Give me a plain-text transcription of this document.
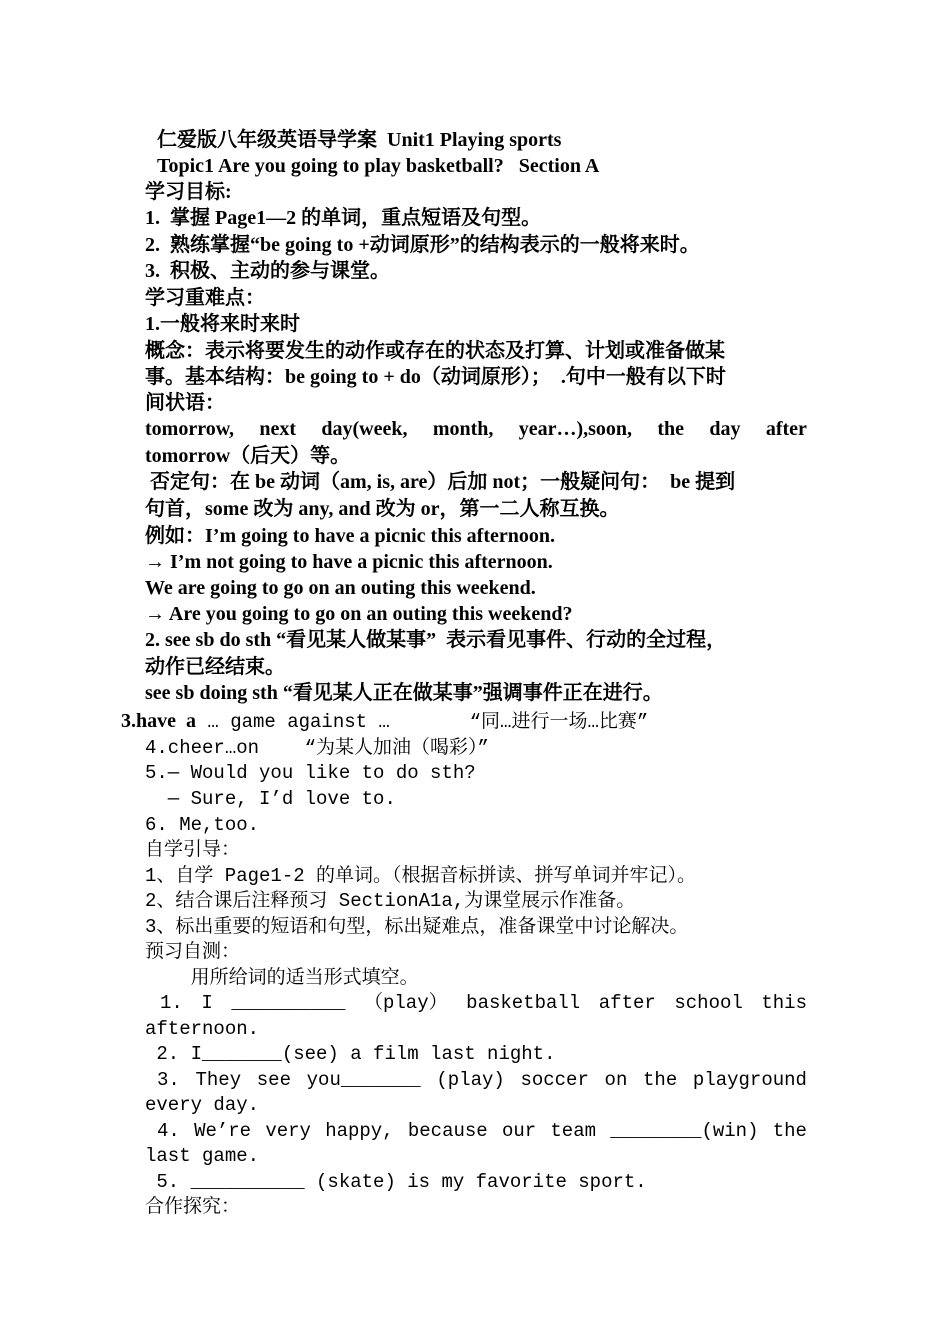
仁爱版八年级英语导学案  Unit1 Playing sports
Topic1 Are you going to play basketball?   Section A
学习目标:
1.  掌握 Page1—2 的单词，重点短语及句型。
2.  熟练掌握“be going to +动词原形”的结构表示的一般将来时。
3.  积极、主动的参与课堂。
学习重难点：
1.一般将来时来时
概念：表示将要发生的动作或存在的状态及打算、计划或准备做某
事。基本结构：be going to + do（动词原形）；  .句中一般有以下时
间状语：
tomorrow, next day(week, month, year…),soon, the day after
tomorrow（后天）等。
否定句：在 be 动词（am, is, are）后加 not；一般疑问句：  be 提到
句首，some 改为 any, and 改为 or，第一二人称互换。
例如：I’m going to have a picnic this afternoon.
→ I’m not going to have a picnic this afternoon.
We are going to go on an outing this weekend.
→ Are you going to go on an outing this weekend?
2. see sb do sth “看见某人做某事”  表示看见事件、行动的全过程，
动作已经结束。
see sb doing sth “看见某人正在做某事”强调事件正在进行。
3.have  a … game against …       “同…进行一场…比赛”
4.cheer…on    “为某人加油（喝彩）”
5.— Would you like to do sth?
— Sure, I’d love to.
6. Me,too.
自学引导：
1、自学 Page1-2 的单词。（根据音标拼读、拼写单词并牢记）。
2、结合课后注释预习 SectionA1a,为课堂展示作准备。
3、标出重要的短语和句型，标出疑难点，准备课堂中讨论解决。
预习自测：
用所给词的适当形式填空。
1. I __________ （play） basketball after school this
afternoon.
2. I_______(see) a film last night.
3. They see you_______ (play) soccer on the playground
every day.
4. We’re very happy, because our team ________(win) the
last game.
5. __________ (skate) is my favorite sport.
合作探究：
